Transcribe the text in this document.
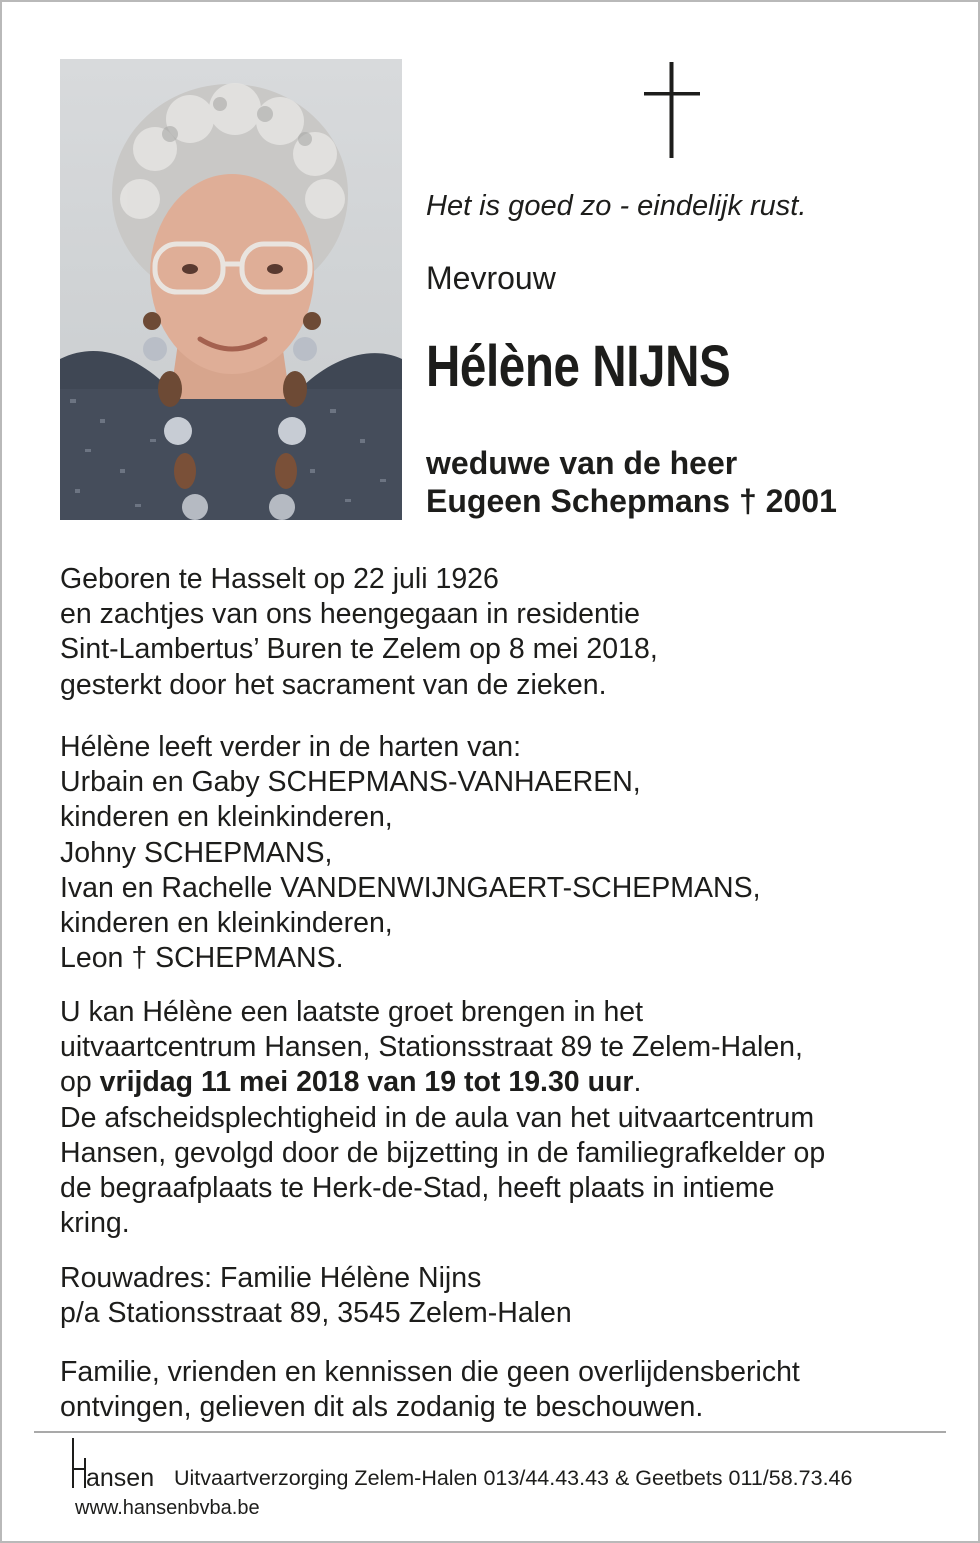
Het is goed zo - eindelijk rust.
Mevrouw
Hélène NIJNS
weduwe van de heer
Eugeen Schepmans † 2001
Geboren te Hasselt op 22 juli 1926
en zachtjes van ons heengegaan in residentie
Sint-Lambertus’ Buren te Zelem op 8 mei 2018,
gesterkt door het sacrament van de zieken.
Hélène leeft verder in de harten van:
Urbain en Gaby SCHEPMANS-VANHAEREN,
kinderen en kleinkinderen,
Johny SCHEPMANS,
Ivan en Rachelle VANDENWIJNGAERT-SCHEPMANS,
kinderen en kleinkinderen,
Leon † SCHEPMANS.
U kan Hélène een laatste groet brengen in het
uitvaartcentrum Hansen, Stationsstraat 89 te Zelem-Halen,
op vrijdag 11 mei 2018 van 19 tot 19.30 uur.
De afscheidsplechtigheid in de aula van het uitvaartcentrum
Hansen, gevolgd door de bijzetting in de familiegrafkelder op
de begraafplaats te Herk-de-Stad, heeft plaats in intieme
kring.
Rouwadres: Familie Hélène Nijns
p/a Stationsstraat 89, 3545 Zelem-Halen
Familie, vrienden en kennissen die geen overlijdensbericht
ontvingen, gelieven dit als zodanig te beschouwen.
ansen Uitvaartverzorging Zelem-Halen 013/44.43.43 & Geetbets 011/58.73.46
www.hansenbvba.be
